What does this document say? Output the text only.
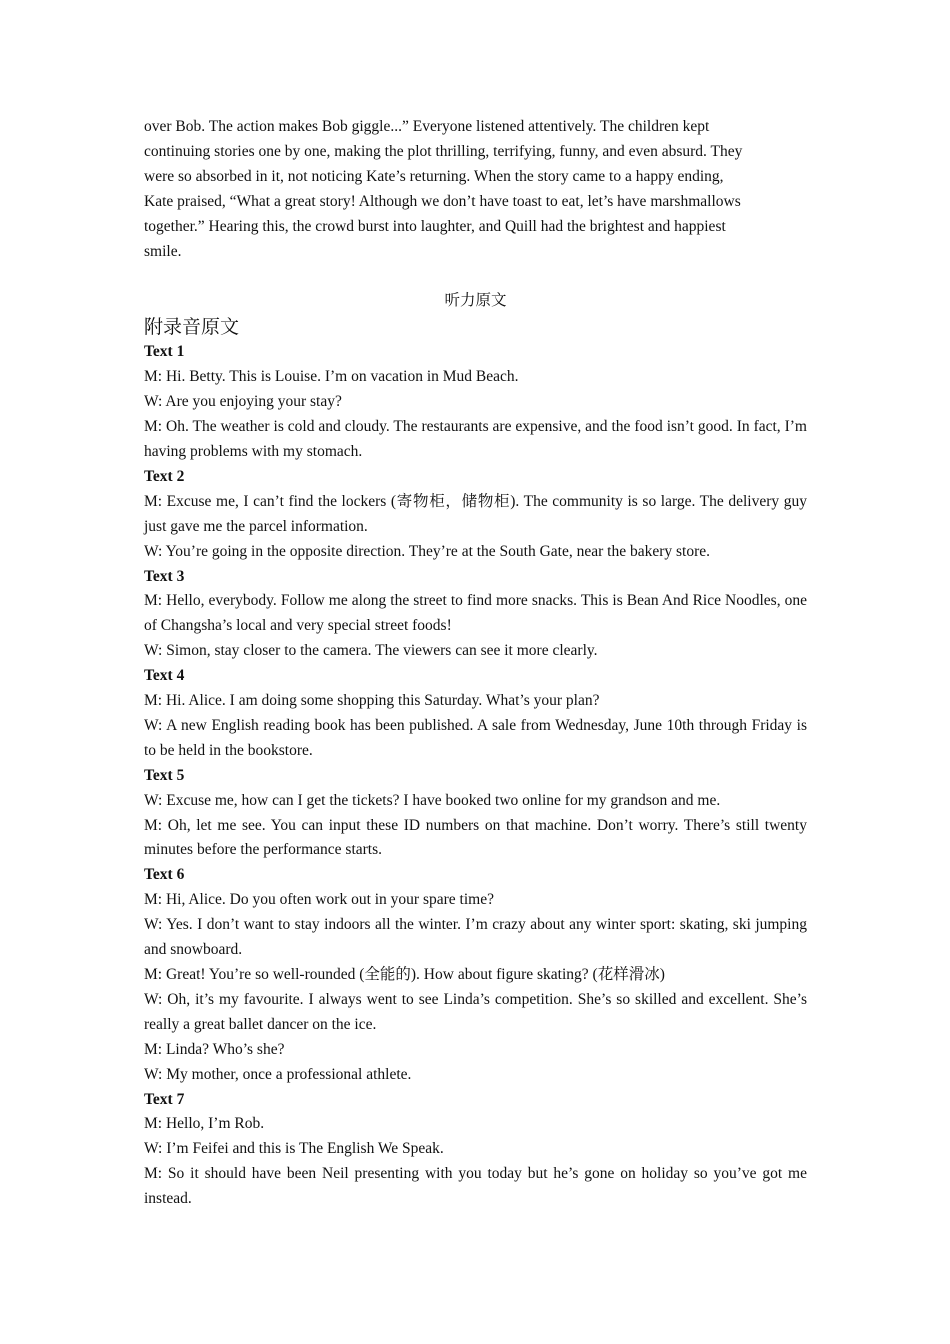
over Bob. The action makes Bob giggle...” Everyone listened attentively. The children kept

continuing stories one by one, making the plot thrilling, terrifying, funny, and even absurd. They

were so absorbed in it, not noticing Kate’s returning. When the story came to a happy ending,

Kate praised, “What a great story! Although we don’t have toast to eat, let’s have marshmallows

together.” Hearing this, the crowd burst into laughter, and Quill had the brightest and happiest

smile.

听力原文

附录音原文

Text 1

M: Hi. Betty. This is Louise. I’m on vacation in Mud Beach.

W: Are you enjoying your stay?

M: Oh. The weather is cold and cloudy. The restaurants are expensive, and the food isn’t good. In fact, I’m having problems with my stomach.

Text 2

M: Excuse me, I can’t find the lockers (寄物柜，储物柜). The community is so large. The delivery guy just gave me the parcel information.

W: You’re going in the opposite direction. They’re at the South Gate, near the bakery store.

Text 3

M: Hello, everybody. Follow me along the street to find more snacks. This is Bean And Rice Noodles, one of Changsha’s local and very special street foods!

W: Simon, stay closer to the camera. The viewers can see it more clearly.

Text 4

M: Hi. Alice. I am doing some shopping this Saturday. What’s your plan?

W: A new English reading book has been published. A sale from Wednesday, June 10th through Friday is to be held in the bookstore.

Text 5

W: Excuse me, how can I get the tickets? I have booked two online for my grandson and me.

M: Oh, let me see. You can input these ID numbers on that machine. Don’t worry. There’s still twenty minutes before the performance starts.

Text 6

M: Hi, Alice. Do you often work out in your spare time?

W: Yes. I don’t want to stay indoors all the winter. I’m crazy about any winter sport: skating, ski jumping and snowboard.

M: Great! You’re so well-rounded (全能的). How about figure skating? (花样滑冰)

W: Oh, it’s my favourite. I always went to see Linda’s competition. She’s so skilled and excellent. She’s really a great ballet dancer on the ice.

M: Linda? Who’s she?

W: My mother, once a professional athlete.

Text 7

M: Hello, I’m Rob.

W: I’m Feifei and this is The English We Speak.

M: So it should have been Neil presenting with you today but he’s gone on holiday so you’ve got me instead.
